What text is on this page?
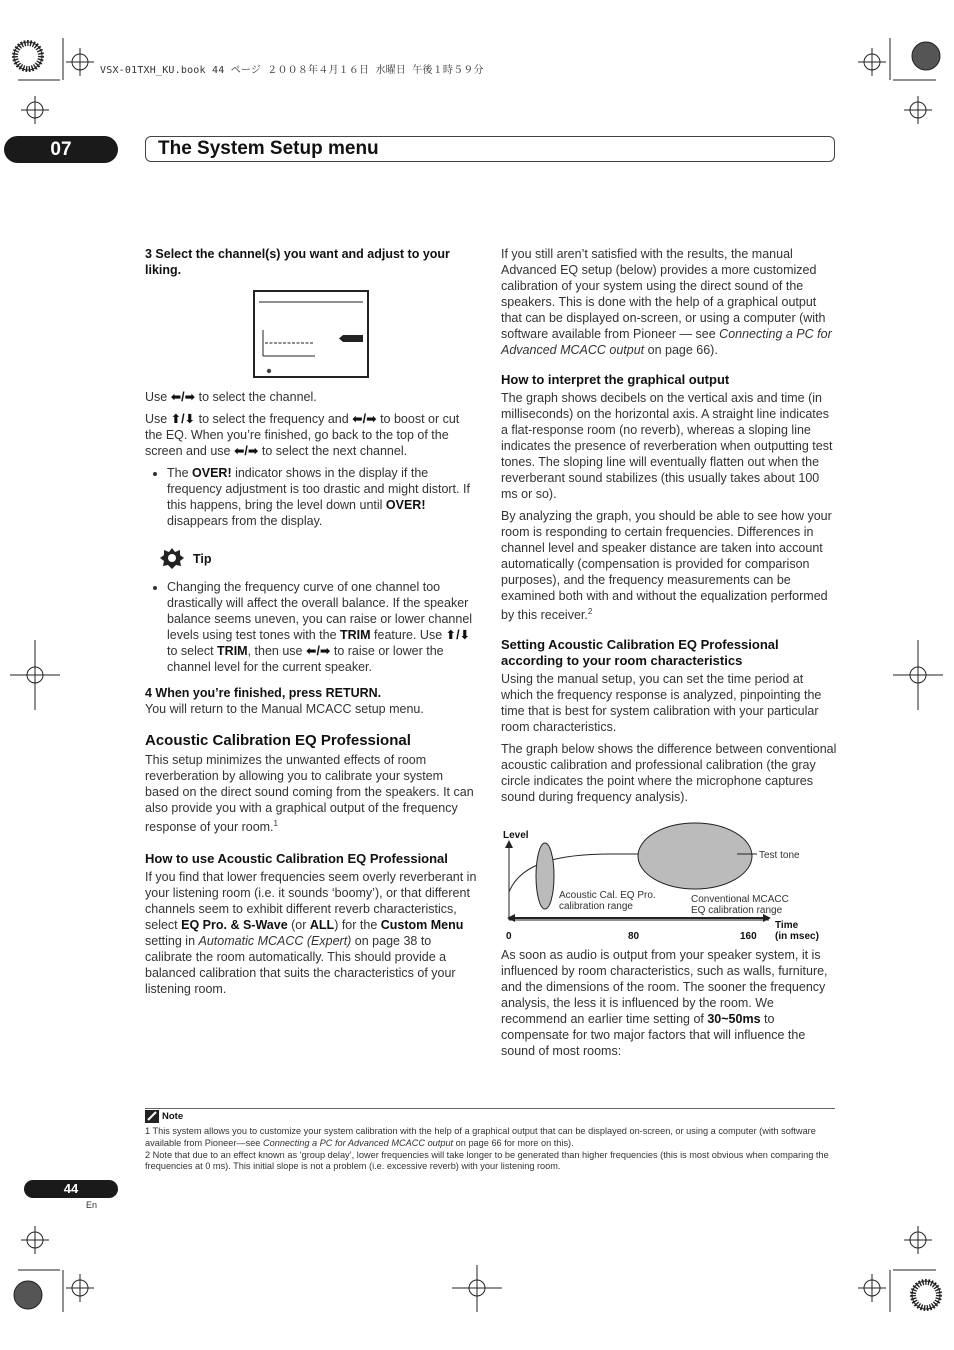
VSX-01TXH_KU.book 44 ページ ２００８年４月１６日 水曜日 午後１時５９分
07	The System Setup menu

3 Select the channel(s) you want and adjust to your liking.

Use ⬅/➡ to select the channel.

Use ⬆/⬇ to select the frequency and ⬅/➡ to boost or cut the EQ. When you’re finished, go back to the top of the screen and use ⬅/➡ to select the next channel.

• The OVER! indicator shows in the display if the frequency adjustment is too drastic and might distort. If this happens, bring the level down until OVER! disappears from the display.
Tip
• Changing the frequency curve of one channel too drastically will affect the overall balance. If the speaker balance seems uneven, you can raise or lower channel levels using test tones with the TRIM feature. Use ⬆/⬇ to select TRIM, then use ⬅/➡ to raise or lower the channel level for the current speaker.

4 When you’re finished, press RETURN.

You will return to the Manual MCACC setup menu.

Acoustic Calibration EQ Professional

This setup minimizes the unwanted effects of room reverberation by allowing you to calibrate your system based on the direct sound coming from the speakers. It can also provide you with a graphical output of the frequency response of your room.$^1$

How to use Acoustic Calibration EQ Professional

If you find that lower frequencies seem overly reverberant in your listening room (i.e. it sounds ‘boomy’), or that different channels seem to exhibit different reverb characteristics, select EQ Pro. & S-Wave (or ALL) for the Custom Menu setting in Automatic MCACC (Expert) on page 38 to calibrate the room automatically. This should provide a balanced calibration that suits the characteristics of your listening room.

If you still aren’t satisfied with the results, the manual Advanced EQ setup (below) provides a more customized calibration of your system using the direct sound of the speakers. This is done with the help of a graphical output that can be displayed on-screen, or using a computer (with software available from Pioneer — see Connecting a PC for Advanced MCACC output on page 66).

How to interpret the graphical output

The graph shows decibels on the vertical axis and time (in milliseconds) on the horizontal axis. A straight line indicates a flat-response room (no reverb), whereas a sloping line indicates the presence of reverberation when outputting test tones. The sloping line will eventually flatten out when the reverberant sound stabilizes (this usually takes about 100 ms or so).

By analyzing the graph, you should be able to see how your room is responding to certain frequencies. Differences in channel level and speaker distance are taken into account automatically (compensation is provided for comparison purposes), and the frequency measurements can be examined both with and without the equalization performed by this receiver.$^2$

Setting Acoustic Calibration EQ Professional according to your room characteristics

Using the manual setup, you can set the time period at which the frequency response is analyzed, pinpointing the time that is best for system calibration with your particular room characteristics.

The graph below shows the difference between conventional acoustic calibration and professional calibration (the gray circle indicates the point where the microphone captures sound during frequency analysis).

Level
Test tone
Acoustic Cal. EQ Pro.
calibration range
Conventional MCACC
EQ calibration range
Time
(in msec)
0	80	160

As soon as audio is output from your speaker system, it is influenced by room characteristics, such as walls, furniture, and the dimensions of the room. The sooner the frequency analysis, the less it is influenced by the room. We recommend an earlier time setting of 30~50ms to compensate for two major factors that will influence the sound of most rooms:

Note
1 This system allows you to customize your system calibration with the help of a graphical output that can be displayed on-screen, or using a computer (with software available from Pioneer—see Connecting a PC for Advanced MCACC output on page 66 for more on this).
2 Note that due to an effect known as ‘group delay’, lower frequencies will take longer to be generated than higher frequencies (this is most obvious when comparing the frequencies at 0 ms). This initial slope is not a problem (i.e. excessive reverb) with your listening room.
44
En
